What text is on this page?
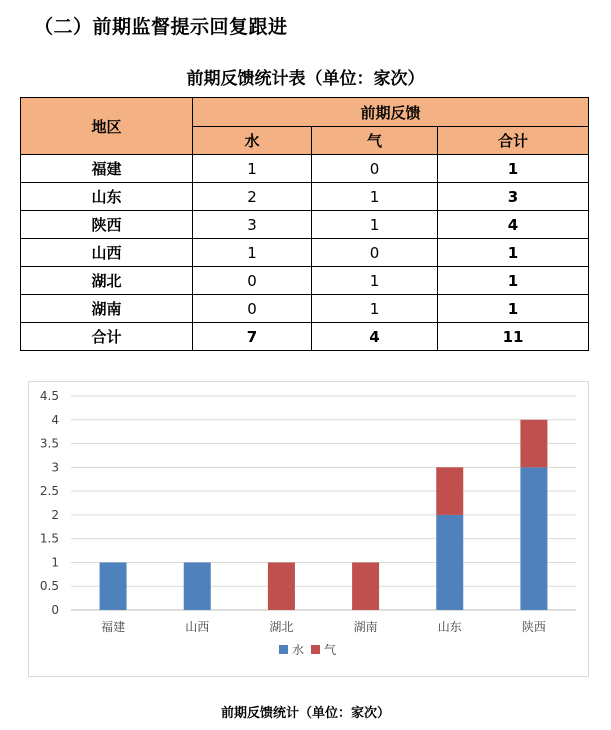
（二）前期监督提示回复跟进
前期反馈统计表（单位：家次）
地区	前期反馈		
	水	气	合计
福建	1	0	1
山东	2	1	3
陕西	3	1	4
山西	1	0	1
湖北	0	1	1
湖南	0	1	1
合计	7	4	11
0
0.5
1
1.5
2
2.5
3
3.5
4
4.5
福建	山西	湖北	湖南	山东	陕西
水 气
前期反馈统计（单位：家次）
